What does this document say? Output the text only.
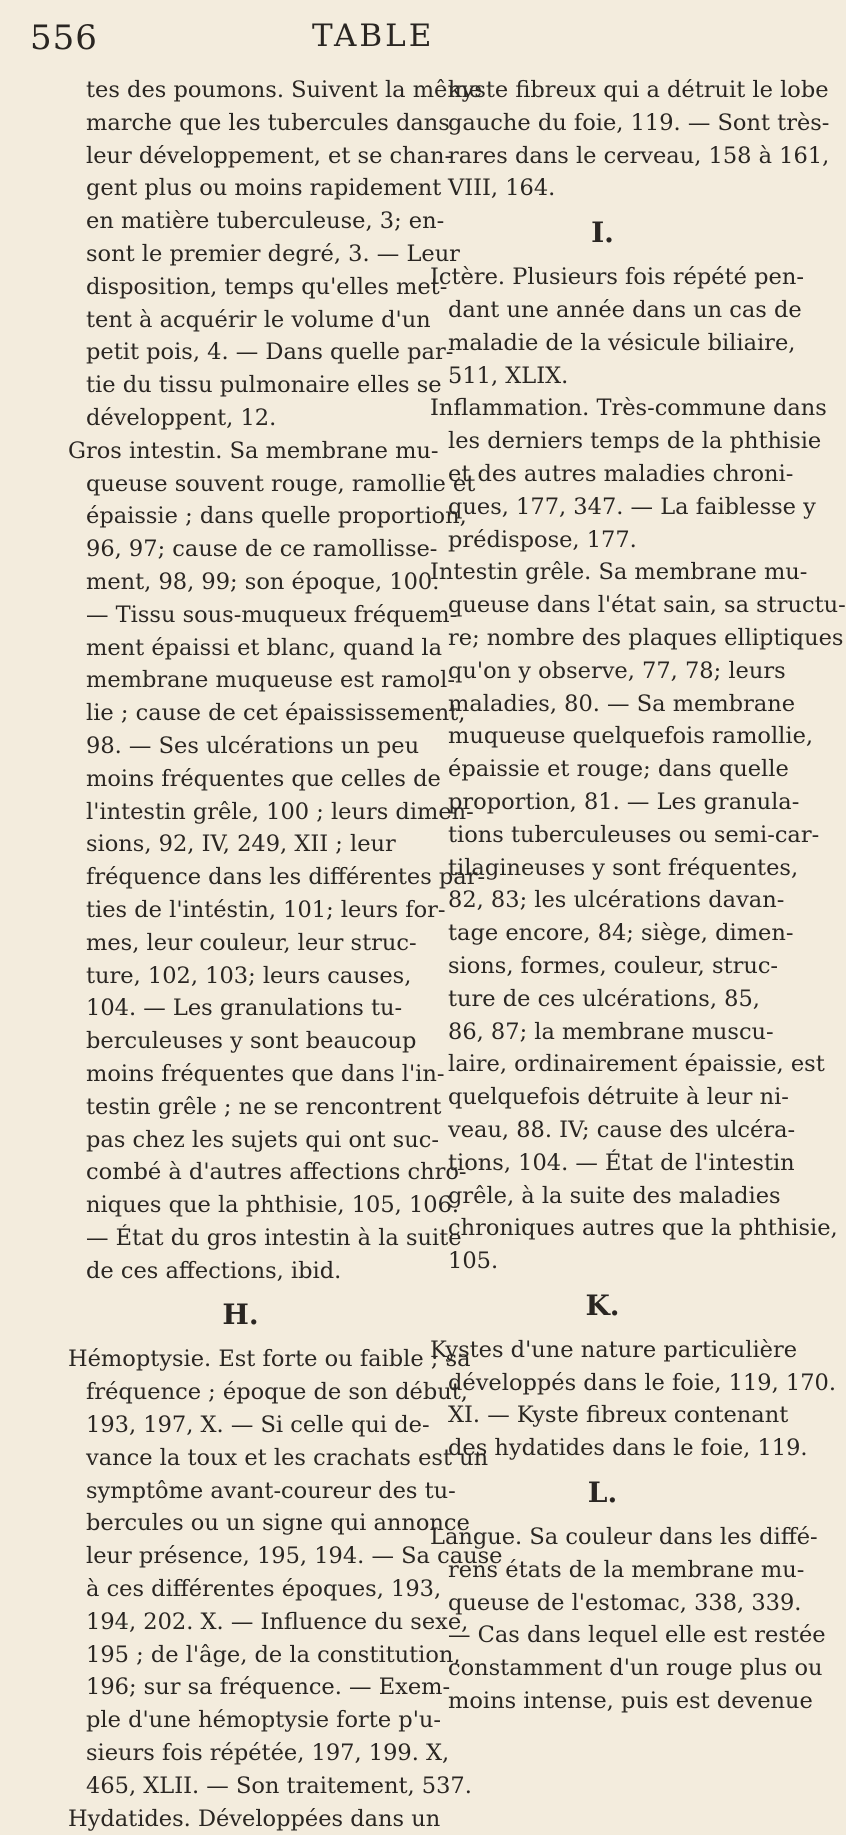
556	TABLE

tes des poumons. Suivent la même

marche que les tubercules dans

leur développement, et se chan-

gent plus ou moins rapidement

en matière tuberculeuse, 3; en-

sont le premier degré, 3. — Leur

disposition, temps qu'elles met-

tent à acquérir le volume d'un

petit pois, 4. — Dans quelle par-

tie du tissu pulmonaire elles se

développent, 12.

Gros intestin. Sa membrane mu-

queuse souvent rouge, ramollie et

épaissie ; dans quelle proportion,

96, 97; cause de ce ramollisse-

ment, 98, 99; son époque, 100.

— Tissu sous-muqueux fréquem-

ment épaissi et blanc, quand la

membrane muqueuse est ramol-

lie ; cause de cet épaississement,

98. — Ses ulcérations un peu

moins fréquentes que celles de

l'intestin grêle, 100 ; leurs dimen-

sions, 92, IV, 249, XII ; leur

fréquence dans les différentes par-

ties de l'intéstin, 101; leurs for-

mes, leur couleur, leur struc-

ture, 102, 103; leurs causes,

104. — Les granulations tu-

berculeuses y sont beaucoup

moins fréquentes que dans l'in-

testin grêle ; ne se rencontrent

pas chez les sujets qui ont suc-

combé à d'autres affections chro-

niques que la phthisie, 105, 106.

— État du gros intestin à la suite

de ces affections, ibid.

H.

Hémoptysie. Est forte ou faible ; sa

fréquence ; époque de son début,

193, 197, X. — Si celle qui de-

vance la toux et les crachats est un

symptôme avant-coureur des tu-

bercules ou un signe qui annonce

leur présence, 195, 194. — Sa cause

à ces différentes époques, 193,

194, 202. X. — Influence du sexe,

195 ; de l'âge, de la constitution,

196; sur sa fréquence. — Exem-

ple d'une hémoptysie forte p'u-

sieurs fois répétée, 197, 199. X,

465, XLII. — Son traitement, 537.

Hydatides. Développées dans un

kyste fibreux qui a détruit le lobe

gauche du foie, 119. — Sont très-

rares dans le cerveau, 158 à 161,

VIII, 164.

I.

Ictère. Plusieurs fois répété pen-

dant une année dans un cas de

maladie de la vésicule biliaire,

511, XLIX.

Inflammation. Très-commune dans

les derniers temps de la phthisie

et des autres maladies chroni-

ques, 177, 347. — La faiblesse y

prédispose, 177.

Intestin grêle. Sa membrane mu-

queuse dans l'état sain, sa structu-

re; nombre des plaques elliptiques

qu'on y observe, 77, 78; leurs

maladies, 80. — Sa membrane

muqueuse quelquefois ramollie,

épaissie et rouge; dans quelle

proportion, 81. — Les granula-

tions tuberculeuses ou semi-car-

tilagineuses y sont fréquentes,

82, 83; les ulcérations davan-

tage encore, 84; siège, dimen-

sions, formes, couleur, struc-

ture de ces ulcérations, 85,

86, 87; la membrane muscu-

laire, ordinairement épaissie, est

quelquefois détruite à leur ni-

veau, 88. IV; cause des ulcéra-

tions, 104. — État de l'intestin

grêle, à la suite des maladies

chroniques autres que la phthisie,

105.

K.

Kystes d'une nature particulière

développés dans le foie, 119, 170.

XI. — Kyste fibreux contenant

des hydatides dans le foie, 119.

L.

Langue. Sa couleur dans les diffé-

rens états de la membrane mu-

queuse de l'estomac, 338, 339.

— Cas dans lequel elle est restée

constamment d'un rouge plus ou

moins intense, puis est devenue
